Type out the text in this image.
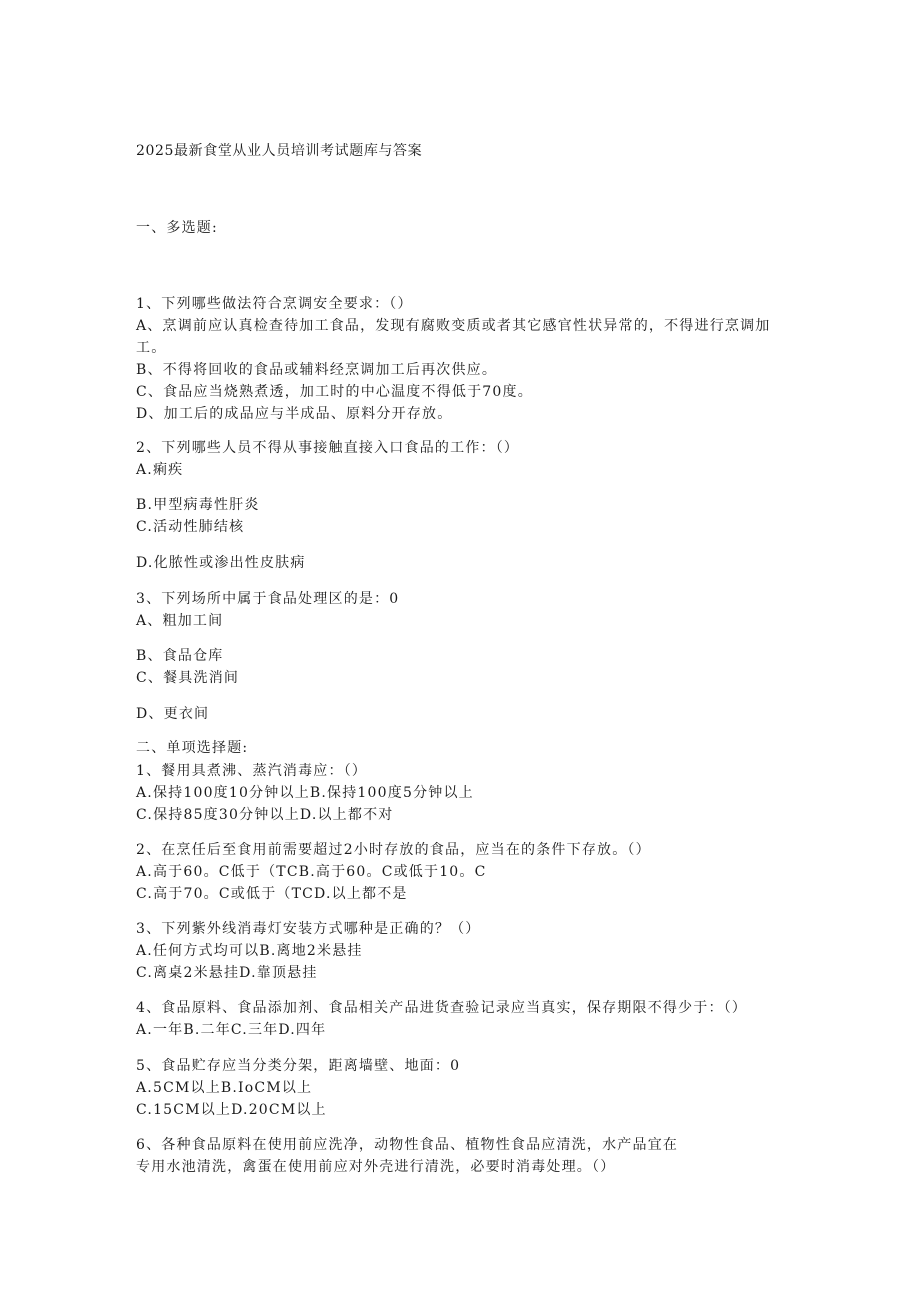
2025最新食堂从业人员培训考试题库与答案
一、多选题:
1、下列哪些做法符合烹调安全要求：（）
A、烹调前应认真检查待加工食品，发现有腐败变质或者其它感官性状异常的，不得进行烹调加
工。
B、不得将回收的食品或辅料经烹调加工后再次供应。
C、食品应当烧熟煮透，加工时的中心温度不得低于70度。
D、加工后的成品应与半成品、原料分开存放。
2、下列哪些人员不得从事接触直接入口食品的工作：（）
A.痢疾
B.甲型病毒性肝炎
C.活动性肺结核
D.化脓性或渗出性皮肤病
3、下列场所中属于食品处理区的是：0
A、粗加工间
B、食品仓库
C、餐具洗消间
D、更衣间
二、单项选择题:
1、餐用具煮沸、蒸汽消毒应：（）
A.保持100度10分钟以上B.保持100度5分钟以上
C.保持85度30分钟以上D.以上都不对
2、在烹任后至食用前需要超过2小时存放的食品，应当在的条件下存放。（）
A.高于60。C低于（TCB.高于60。C或低于10。C
C.高于70。C或低于（TCD.以上都不是
3、下列紫外线消毒灯安装方式哪种是正确的？（）
A.任何方式均可以B.离地2米悬挂
C.离桌2米悬挂D.靠顶悬挂
4、食品原料、食品添加剂、食品相关产品进货查验记录应当真实，保存期限不得少于：（）
A.一年B.二年C.三年D.四年
5、食品贮存应当分类分架，距离墙壁、地面：0
A.5CM以上B.IoCM以上
C.15CM以上D.20CM以上
6、各种食品原料在使用前应洗净，动物性食品、植物性食品应清洗，水产品宜在
专用水池清洗，禽蛋在使用前应对外壳进行清洗，必要时消毒处理。（）
